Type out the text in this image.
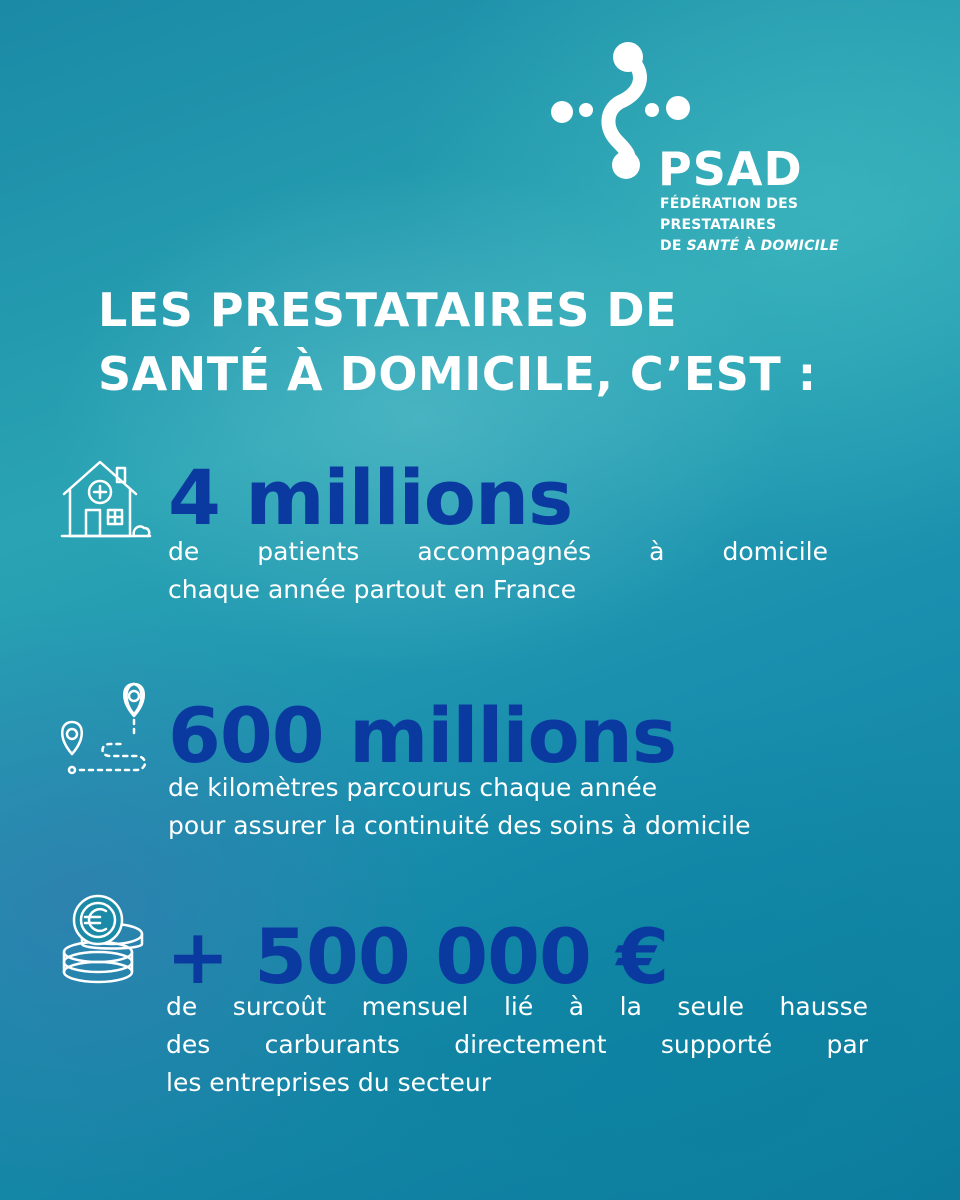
PSAD
FÉDÉRATION DES PRESTATAIRES
DE SANTÉ À DOMICILE
LES PRESTATAIRES DE
SANTÉ À DOMICILE, C’EST :
4 millions
de patients accompagnés à domicile
chaque année partout en France
600 millions
de kilomètres parcourus chaque année
pour assurer la continuité des soins à domicile
+ 500 000 €
de surcoût mensuel lié à la seule hausse
des carburants directement supporté par
les entreprises du secteur
